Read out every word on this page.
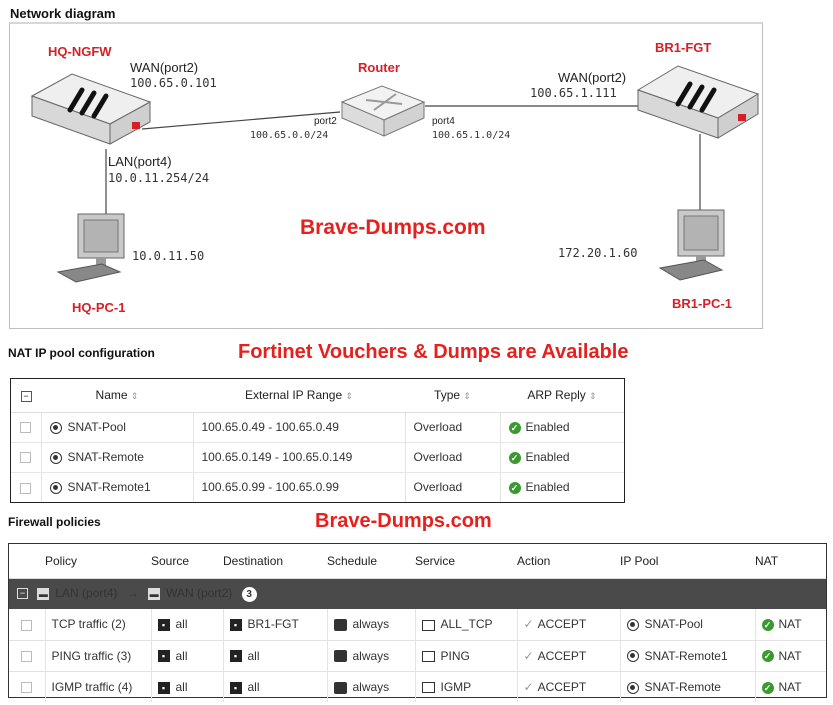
Network diagram
HQ-NGFW
WAN(port2)
100.65.0.101
LAN(port4)
10.0.11.254/24
Router
port2
100.65.0.0/24
port4
100.65.1.0/24
BR1-FGT
WAN(port2)
100.65.1.111
10.0.11.50
HQ-PC-1
172.20.1.60
BR1-PC-1
Brave-Dumps.com
NAT IP pool configuration	Fortinet Vouchers & Dumps are Available
−	Name ⇕	External IP Range ⇕	Type ⇕	ARP Reply ⇕
	SNAT-Pool	100.65.0.49 - 100.65.0.49	Overload	✓ Enabled
	SNAT-Remote	100.65.0.149 - 100.65.0.149	Overload	✓ Enabled
	SNAT-Remote1	100.65.0.99 - 100.65.0.99	Overload	✓ Enabled
Firewall policies	Brave-Dumps.com
	Policy	Source	Destination	Schedule	Service	Action	IP Pool	NAT
− ▬ LAN (port4) → ▬ WAN (port2) 3								
	TCP traffic (2)	▪ all	▪ BR1-FGT	always	ALL_TCP	✓ ACCEPT	SNAT-Pool	✓ NAT
	PING traffic (3)	▪ all	▪ all	always	PING	✓ ACCEPT	SNAT-Remote1	✓ NAT
	IGMP traffic (4)	▪ all	▪ all	always	IGMP	✓ ACCEPT	SNAT-Remote	✓ NAT
